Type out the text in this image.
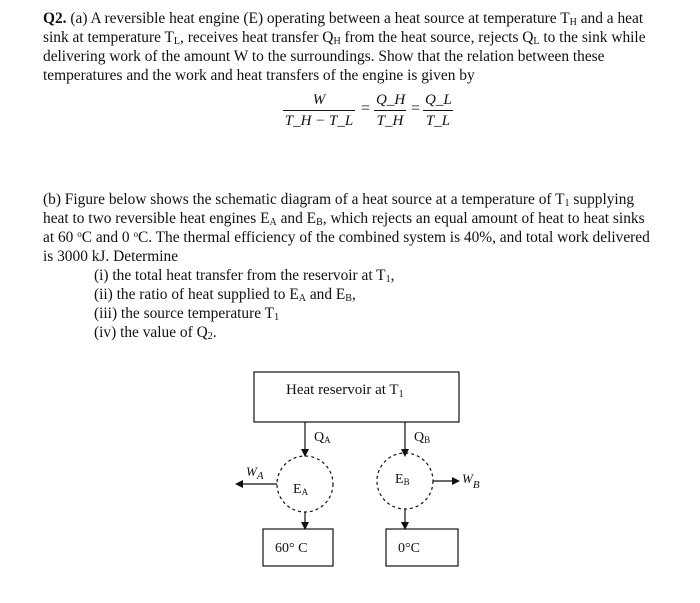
Q2. (a) A reversible heat engine (E) operating between a heat source at temperature TH and a heat
sink at temperature TL, receives heat transfer QH from the heat source, rejects QL to the sink while
delivering work of the amount W to the surroundings. Show that the relation between these
temperatures and the work and heat transfers of the engine is given by
$\frac{W}{T\_H - T\_L} = \frac{Q\_H}{T\_H} = \frac{Q\_L}{T\_L}$
(b) Figure below shows the schematic diagram of a heat source at a temperature of T1 supplying
heat to two reversible heat engines EA and EB, which rejects an equal amount of heat to heat sinks
at 60 $^o$C and 0 $^o$C. The thermal efficiency of the combined system is 40%, and total work delivered
is 3000 kJ. Determine
(i) the total heat transfer from the reservoir at T1,
(ii) the ratio of heat supplied to EA and EB,
(iii) the source temperature T1
(iv) the value of Q2.
Heat reservoir at $T_1$
QA	QB
EA
EB
$W_A$	$W_B$
60° C	0°C
